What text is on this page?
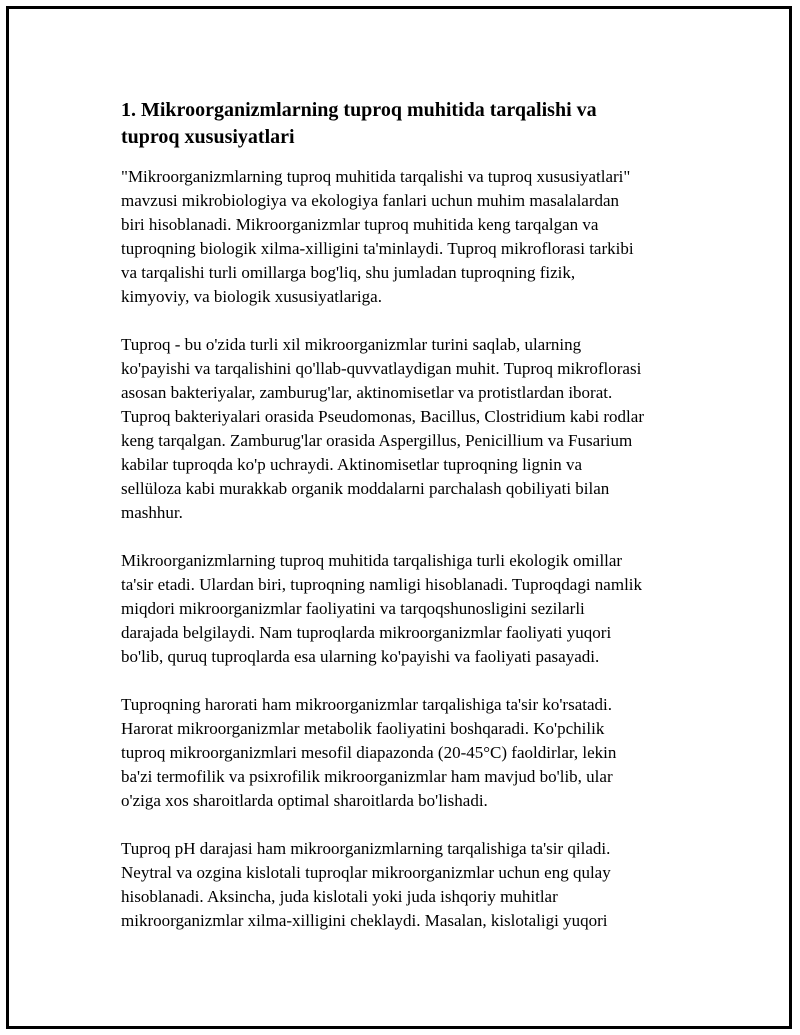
1. Mikroorganizmlarning tuproq muhitida tarqalishi va tuproq xususiyatlari

"Mikroorganizmlarning tuproq muhitida tarqalishi va tuproq xususiyatlari"
mavzusi mikrobiologiya va ekologiya fanlari uchun muhim masalalardan
biri hisoblanadi. Mikroorganizmlar tuproq muhitida keng tarqalgan va
tuproqning biologik xilma-xilligini ta'minlaydi. Tuproq mikroflorasi tarkibi
va tarqalishi turli omillarga bog'liq, shu jumladan tuproqning fizik,
kimyoviy, va biologik xususiyatlariga.

Tuproq - bu o'zida turli xil mikroorganizmlar turini saqlab, ularning
ko'payishi va tarqalishini qo'llab-quvvatlaydigan muhit. Tuproq mikroflorasi
asosan bakteriyalar, zamburug'lar, aktinomisetlar va protistlardan iborat.
Tuproq bakteriyalari orasida Pseudomonas, Bacillus, Clostridium kabi rodlar
keng tarqalgan. Zamburug'lar orasida Aspergillus, Penicillium va Fusarium
kabilar tuproqda ko'p uchraydi. Aktinomisetlar tuproqning lignin va
sellüloza kabi murakkab organik moddalarni parchalash qobiliyati bilan
mashhur.

Mikroorganizmlarning tuproq muhitida tarqalishiga turli ekologik omillar
ta'sir etadi. Ulardan biri, tuproqning namligi hisoblanadi. Tuproqdagi namlik
miqdori mikroorganizmlar faoliyatini va tarqoqshunosligini sezilarli
darajada belgilaydi. Nam tuproqlarda mikroorganizmlar faoliyati yuqori
bo'lib, quruq tuproqlarda esa ularning ko'payishi va faoliyati pasayadi.

Tuproqning harorati ham mikroorganizmlar tarqalishiga ta'sir ko'rsatadi.
Harorat mikroorganizmlar metabolik faoliyatini boshqaradi. Ko'pchilik
tuproq mikroorganizmlari mesofil diapazonda (20-45°C) faoldirlar, lekin
ba'zi termofilik va psixrofilik mikroorganizmlar ham mavjud bo'lib, ular
o'ziga xos sharoitlarda optimal sharoitlarda bo'lishadi.

Tuproq pH darajasi ham mikroorganizmlarning tarqalishiga ta'sir qiladi.
Neytral va ozgina kislotali tuproqlar mikroorganizmlar uchun eng qulay
hisoblanadi. Aksincha, juda kislotali yoki juda ishqoriy muhitlar
mikroorganizmlar xilma-xilligini cheklaydi. Masalan, kislotaligi yuqori
